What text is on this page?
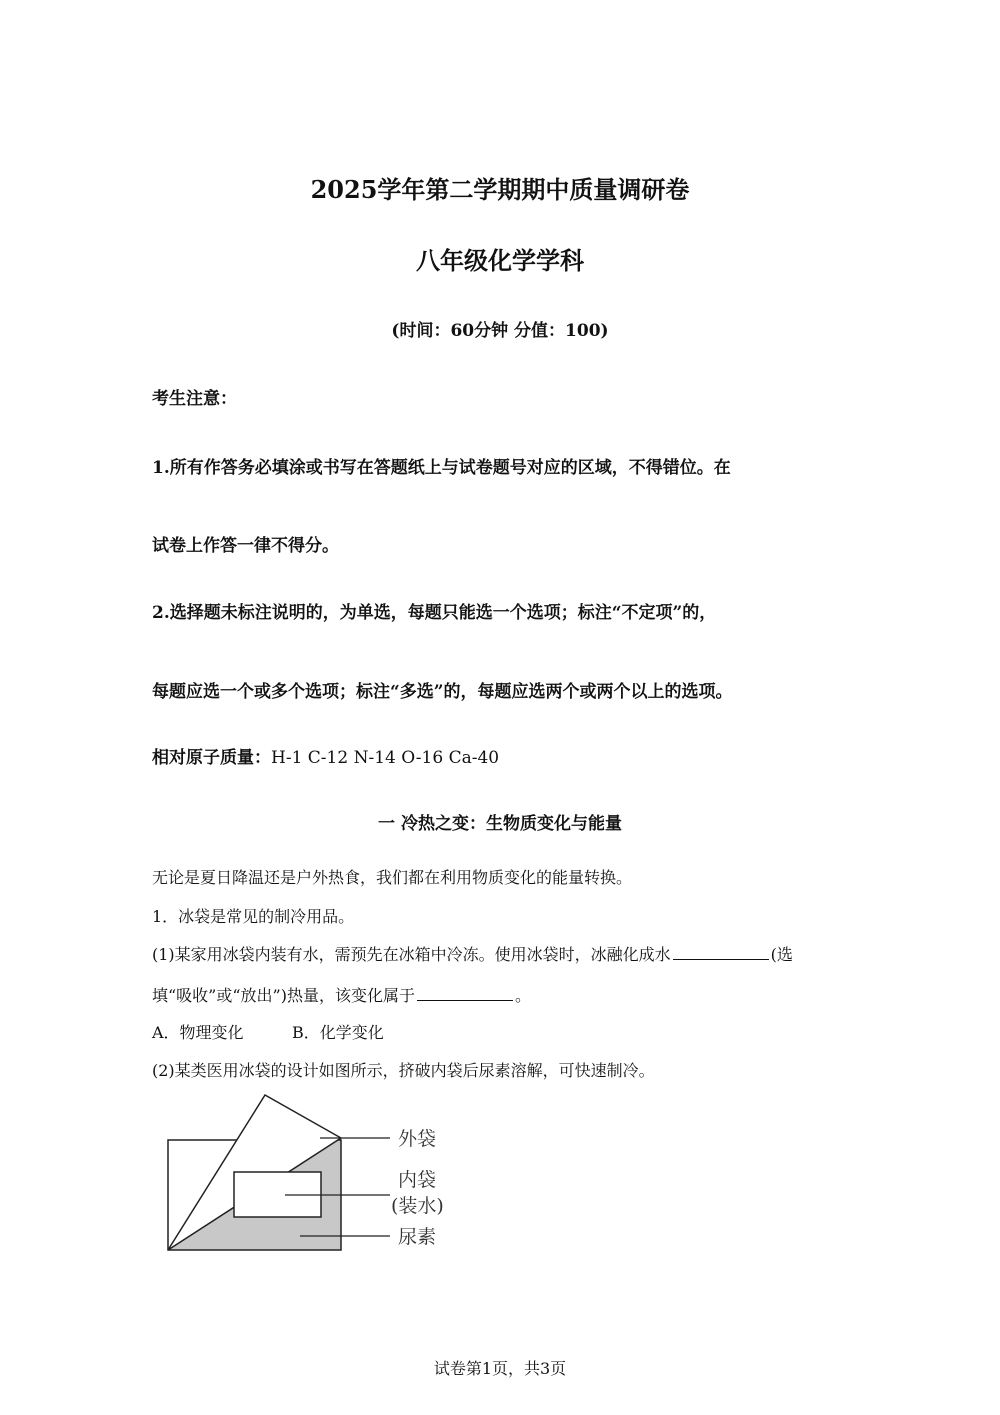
2025学年第二学期期中质量调研卷
八年级化学学科
(时间：60分钟 分值：100)
考生注意：
1.所有作答务必填涂或书写在答题纸上与试卷题号对应的区域，不得错位。在
试卷上作答一律不得分。
2.选择题未标注说明的，为单选，每题只能选一个选项；标注“不定项”的，
每题应选一个或多个选项；标注“多选”的，每题应选两个或两个以上的选项。
相对原子质量：H-1 C-12 N-14 O-16 Ca-40
一 冷热之变：生物质变化与能量
无论是夏日降温还是户外热食，我们都在利用物质变化的能量转换。
1．冰袋是常见的制冷用品。
(1)某家用冰袋内装有水，需预先在冰箱中冷冻。使用冰袋时，冰融化成水	(选
填“吸收”或“放出”)热量，该变化属于	。
A．物理变化	B．化学变化
(2)某类医用冰袋的设计如图所示，挤破内袋后尿素溶解，可快速制冷。
外袋
内袋
(装水)
尿素
试卷第1页，共3页
